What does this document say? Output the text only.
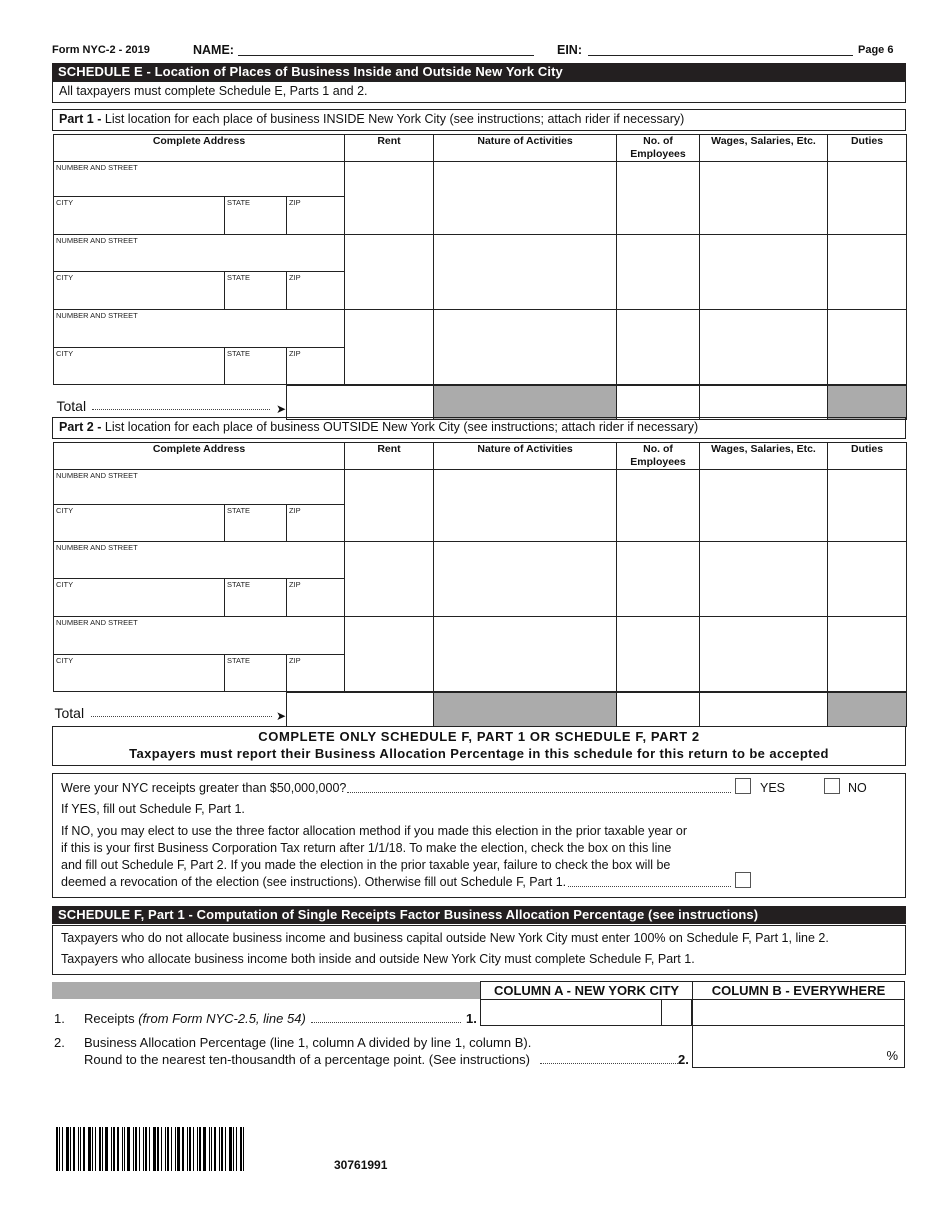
Form NYC-2 - 2019	NAME:	EIN:	Page 6
SCHEDULE E - Location of Places of Business Inside and Outside New York City
All taxpayers must complete Schedule E, Parts 1 and 2.
Part 1 - List location for each place of business INSIDE New York City (see instructions; attach rider if necessary)
Complete Address			Rent	Nature of Activities	No. of Employees	Wages, Salaries, Etc.	Duties

NUMBER AND STREET							

CITY	STATE	ZIP					

NUMBER AND STREET							

CITY	STATE	ZIP					

NUMBER AND STREET							

CITY	STATE	ZIP					

Total ➤							

Part 2 - List location for each place of business OUTSIDE New York City (see instructions; attach rider if necessary)
Complete Address			Rent	Nature of Activities	No. of Employees	Wages, Salaries, Etc.	Duties

NUMBER AND STREET							

CITY	STATE	ZIP					

NUMBER AND STREET							

CITY	STATE	ZIP					

NUMBER AND STREET							

CITY	STATE	ZIP					

Total ➤							

COMPLETE ONLY SCHEDULE F, PART 1 OR SCHEDULE F, PART 2
Taxpayers must report their Business Allocation Percentage in this schedule for this return to be accepted
Were your NYC receipts greater than $50,000,000?	YES	NO
If YES, fill out Schedule F, Part 1.
If NO, you may elect to use the three factor allocation method if you made this election in the prior taxable year or
if this is your first Business Corporation Tax return after 1/1/18. To make the election, check the box on this line
and fill out Schedule F, Part 2. If you made the election in the prior taxable year, failure to check the box will be
deemed a revocation of the election (see instructions). Otherwise fill out Schedule F, Part 1.
SCHEDULE F, Part 1 - Computation of Single Receipts Factor Business Allocation Percentage (see instructions)
Taxpayers who do not allocate business income and business capital outside New York City must enter 100% on Schedule F, Part 1, line 2.
Taxpayers who allocate business income both inside and outside New York City must complete Schedule F, Part 1.
COLUMN A - NEW YORK CITY	COLUMN B - EVERYWHERE
1. Receipts (from Form NYC-2.5, line 54)	1.
2. Business Allocation Percentage (line 1, column A divided by line 1, column B).
Round to the nearest ten-thousandth of a percentage point. (See instructions)	2.	%
30761991
